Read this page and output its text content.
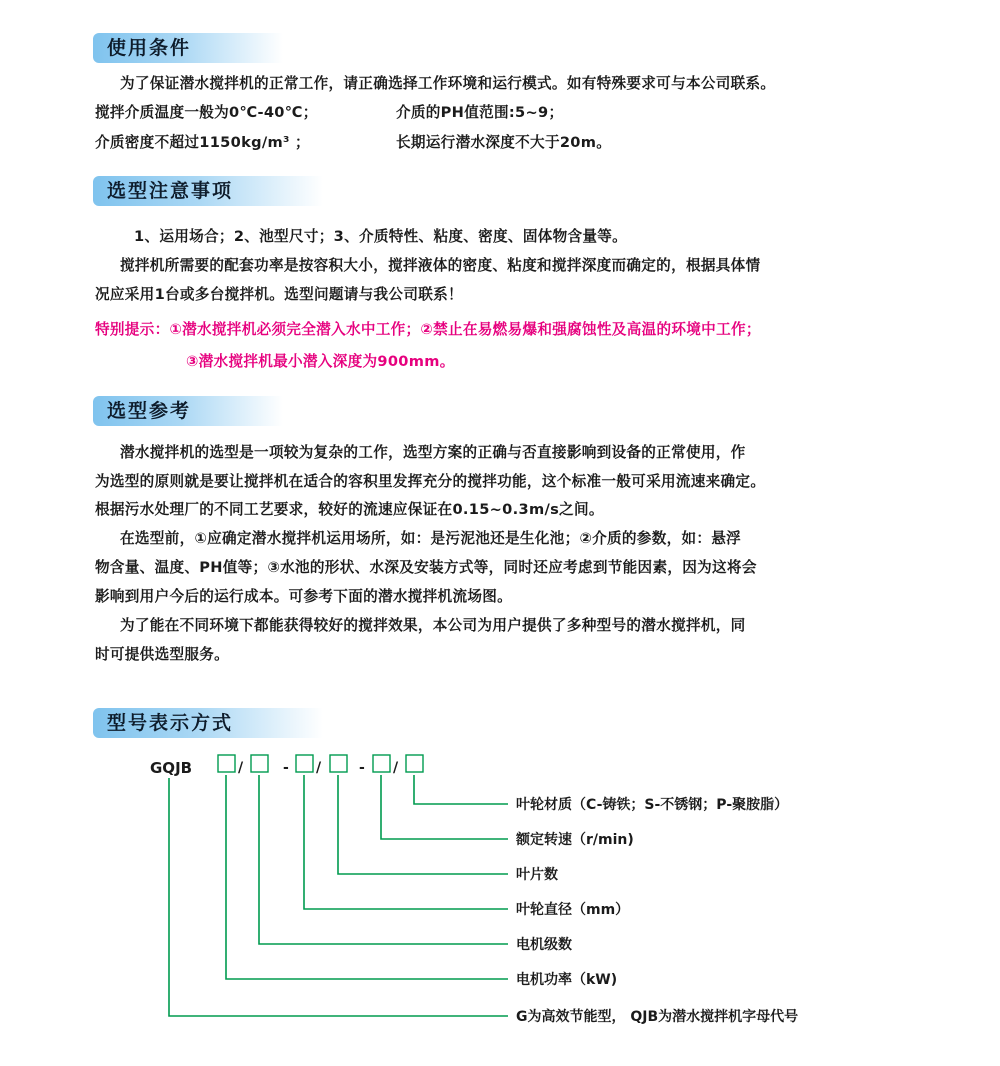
使用条件
为了保证潜水搅拌机的正常工作，请正确选择工作环境和运行模式。如有特殊要求可与本公司联系。
搅拌介质温度一般为0℃-40℃；	介质的PH值范围:5~9；
介质密度不超过1150kg/m³ ；	长期运行潜水深度不大于20m。
选型注意事项
1、运用场合；2、池型尺寸；3、介质特性、粘度、密度、固体物含量等。
搅拌机所需要的配套功率是按容积大小，搅拌液体的密度、粘度和搅拌深度而确定的，根据具体情
况应采用1台或多台搅拌机。选型问题请与我公司联系！
特别提示：①潜水搅拌机必须完全潜入水中工作；②禁止在易燃易爆和强腐蚀性及高温的环境中工作；
③潜水搅拌机最小潜入深度为900mm。
选型参考
潜水搅拌机的选型是一项较为复杂的工作，选型方案的正确与否直接影响到设备的正常使用，作
为选型的原则就是要让搅拌机在适合的容积里发挥充分的搅拌功能，这个标准一般可采用流速来确定。
根据污水处理厂的不同工艺要求，较好的流速应保证在0.15~0.3m/s之间。
在选型前，①应确定潜水搅拌机运用场所，如：是污泥池还是生化池；②介质的参数，如：悬浮
物含量、温度、PH值等；③水池的形状、水深及安装方式等，同时还应考虑到节能因素，因为这将会
影响到用户今后的运行成本。可参考下面的潜水搅拌机流场图。
为了能在不同环境下都能获得较好的搅拌效果，本公司为用户提供了多种型号的潜水搅拌机，同
时可提供选型服务。
型号表示方式
GQJB	/	- /	- /
叶轮材质（C-铸铁；S-不锈钢；P-聚胺脂）
额定转速（r/min)
叶片数
叶轮直径（mm）
电机级数
电机功率（kW)
G为高效节能型， QJB为潜水搅拌机字母代号
